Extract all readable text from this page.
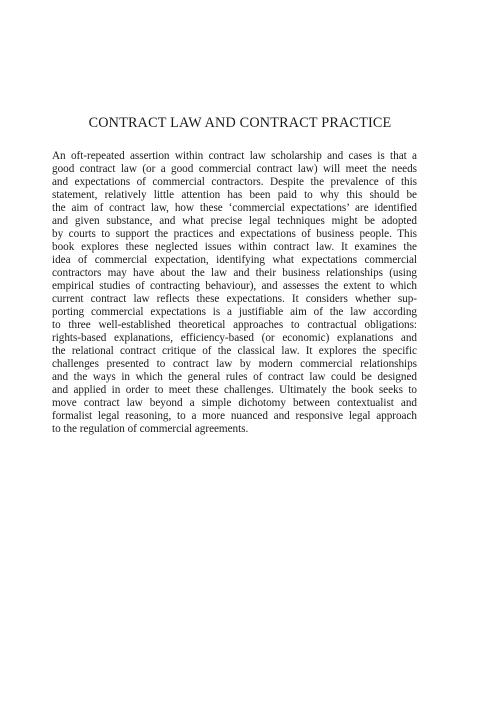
CONTRACT LAW AND CONTRACT PRACTICE
An oft-repeated assertion within contract law scholarship and cases is that a
good contract law (or a good commercial contract law) will meet the needs
and expectations of commercial contractors. Despite the prevalence of this
statement, relatively little attention has been paid to why this should be
the aim of contract law, how these ‘commercial expectations’ are identified
and given substance, and what precise legal techniques might be adopted
by courts to support the practices and expectations of business people. This
book explores these neglected issues within contract law. It examines the
idea of commercial expectation, identifying what expectations commercial
contractors may have about the law and their business relationships (using
empirical studies of contracting behaviour), and assesses the extent to which
current contract law reflects these expectations. It considers whether sup-
porting commercial expectations is a justifiable aim of the law according
to three well-established theoretical approaches to contractual obligations:
rights-based explanations, efficiency-based (or economic) explanations and
the relational contract critique of the classical law. It explores the specific
challenges presented to contract law by modern commercial relationships
and the ways in which the general rules of contract law could be designed
and applied in order to meet these challenges. Ultimately the book seeks to
move contract law beyond a simple dichotomy between contextualist and
formalist legal reasoning, to a more nuanced and responsive legal approach
to the regulation of commercial agreements.
